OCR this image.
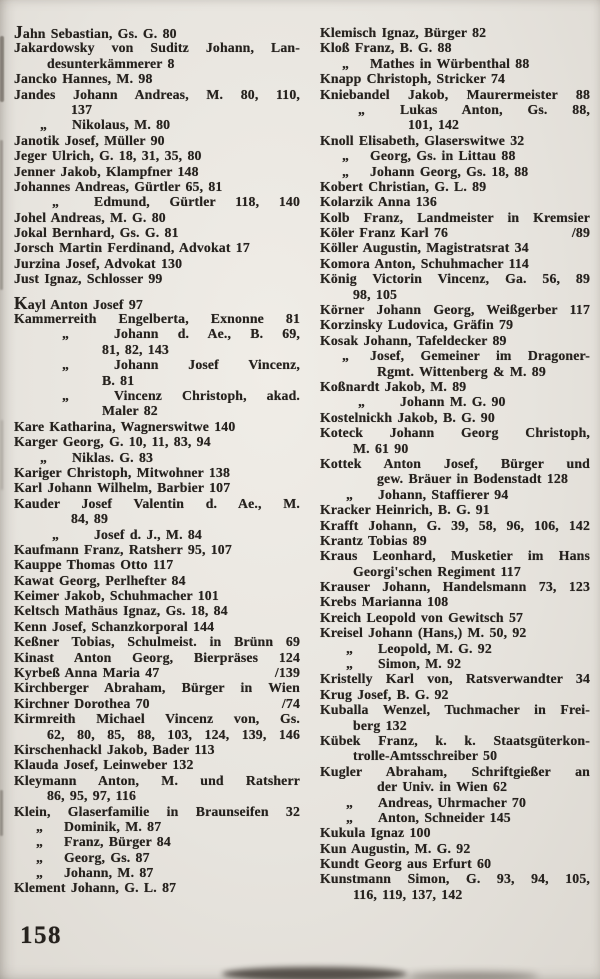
Jahn Sebastian, Gs. G. 80
Jakardowsky von Suditz Johann, Lan-
desunterkämmerer 8
Jancko Hannes, M. 98
Jandes Johann Andreas, M. 80, 110,
137
„ Nikolaus, M. 80
Janotik Josef, Müller 90
Jeger Ulrich, G. 18, 31, 35, 80
Jenner Jakob, Klampfner 148
Johannes Andreas, Gürtler 65, 81
„	Edmund, Gürtler 118, 140
Johel Andreas, M. G. 80
Jokal Bernhard, Gs. G. 81
Jorsch Martin Ferdinand, Advokat 17
Jurzina Josef, Advokat 130
Just Ignaz, Schlosser 99
Kayl Anton Josef 97
Kammerreith Engelberta, Exnonne 81
„	Johann d. Ae., B. 69,
81, 82, 143
„	Johann Josef Vincenz,
B. 81
„	Vincenz Christoph, akad.
Maler 82
Kare Katharina, Wagnerswitwe 140
Karger Georg, G. 10, 11, 83, 94
„ Niklas. G. 83
Kariger Christoph, Mitwohner 138
Karl Johann Wilhelm, Barbier 107
Kauder Josef Valentin d. Ae., M.
84, 89
„	Josef d. J., M. 84
Kaufmann Franz, Ratsherr 95, 107
Kauppe Thomas Otto 117
Kawat Georg, Perlhefter 84
Keimer Jakob, Schuhmacher 101
Keltsch Mathäus Ignaz, Gs. 18, 84
Kenn Josef, Schanzkorporal 144
Keßner Tobias, Schulmeist. in Brünn 69
Kinast Anton Georg, Bierpräses 124
Kyrbeß Anna Maria 47	/139
Kirchberger Abraham, Bürger in Wien
Kirchner Dorothea 70	/74
Kirmreith Michael Vincenz von, Gs.
62, 80, 85, 88, 103, 124, 139, 146
Kirschenhackl Jakob, Bader 113
Klauda Josef, Leinweber 132
Kleymann Anton, M. und Ratsherr
86, 95, 97, 116
Klein, Glaserfamilie in Braunseifen 32
„ Dominik, M. 87
„ Franz, Bürger 84
„ Georg, Gs. 87
„ Johann, M. 87
Klement Johann, G. L. 87
Klemisch Ignaz, Bürger 82
Kloß Franz, B. G. 88
„ Mathes in Würbenthal 88
Knapp Christoph, Stricker 74
Kniebandel Jakob, Maurermeister 88
„	Lukas Anton, Gs. 88,
101, 142
Knoll Elisabeth, Glaserswitwe 32
„ Georg, Gs. in Littau 88
„ Johann Georg, Gs. 18, 88
Kobert Christian, G. L. 89
Kolarzik Anna 136
Kolb Franz, Landmeister in Kremsier
Köler Franz Karl 76	/89
Köller Augustin, Magistratsrat 34
Komora Anton, Schuhmacher 114
König Victorin Vincenz, Ga. 56, 89
98, 105
Körner Johann Georg, Weißgerber 117
Korzinsky Ludovica, Gräfin 79
Kosak Johann, Tafeldecker 89
„ Josef, Gemeiner im Dragoner-
Rgmt. Wittenberg & M. 89
Koßnardt Jakob, M. 89
„	Johann M. G. 90
Kostelnickh Jakob, B. G. 90
Koteck Johann Georg Christoph,
M. 61 90
Kottek Anton Josef, Bürger und
gew. Bräuer in Bodenstadt 128
„ Johann, Staffierer 94
Kracker Heinrich, B. G. 91
Krafft Johann, G. 39, 58, 96, 106, 142
Krantz Tobias 89
Kraus Leonhard, Musketier im Hans
Georgi'schen Regiment 117
Krauser Johann, Handelsmann 73, 123
Krebs Marianna 108
Kreich Leopold von Gewitsch 57
Kreisel Johann (Hans,) M. 50, 92
„ Leopold, M. G. 92
„ Simon, M. 92
Kristelly Karl von, Ratsverwandter 34
Krug Josef, B. G. 92
Kuballa Wenzel, Tuchmacher in Frei-
berg 132
Kübek Franz, k. k. Staatsgüterkon-
trolle-Amtsschreiber 50
Kugler Abraham, Schriftgießer an
der Univ. in Wien 62
„ Andreas, Uhrmacher 70
„ Anton, Schneider 145
Kukula Ignaz 100
Kun Augustin, M. G. 92
Kundt Georg aus Erfurt 60
Kunstmann Simon, G. 93, 94, 105,
116, 119, 137, 142
158
